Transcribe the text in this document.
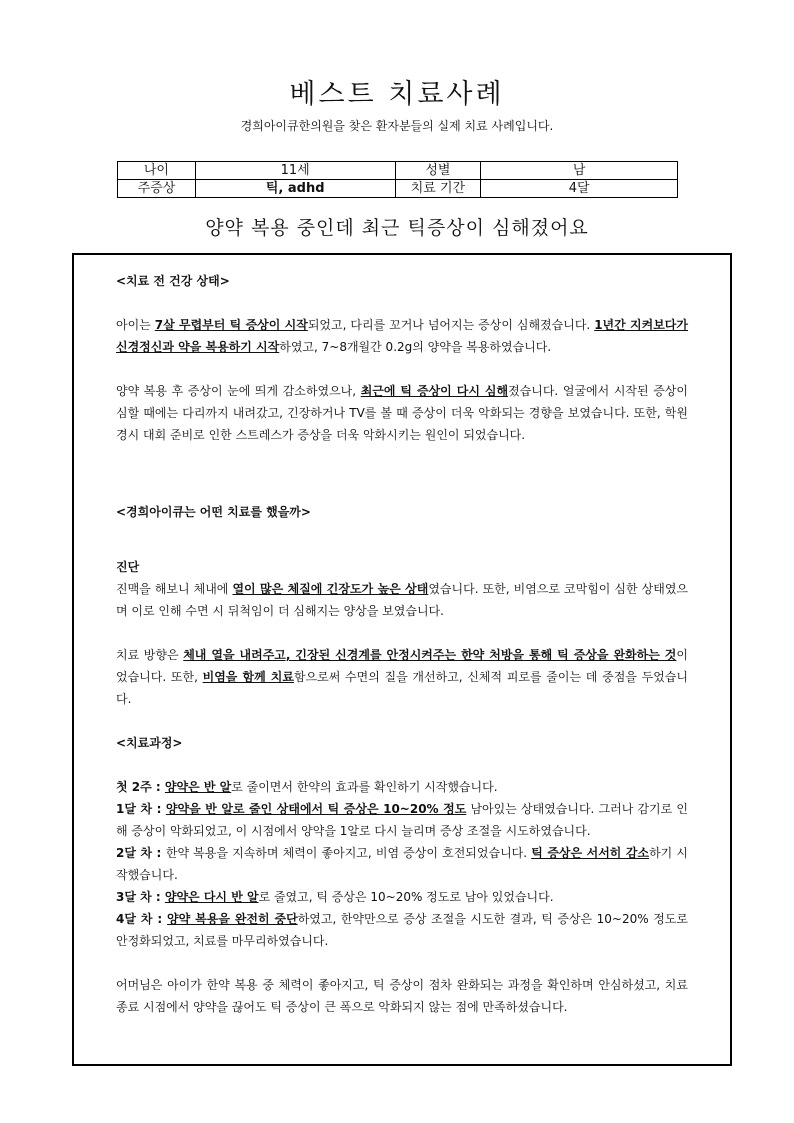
베스트 치료사례

경희아이큐한의원을 찾은 환자분들의 실제 치료 사례입니다.

나이	11세	성별	남
주증상	틱, adhd	치료 기간	4달
양약 복용 중인데 최근 틱증상이 심해졌어요

<치료 전 건강 상태>

아이는 7살 무렵부터 틱 증상이 시작되었고, 다리를 꼬거나 넘어지는 증상이 심해졌습니다. 1년간 지켜보다가 신경정신과 약을 복용하기 시작하였고, 7~8개월간 0.2g의 양약을 복용하였습니다.

양약 복용 후 증상이 눈에 띄게 감소하였으나, 최근에 틱 증상이 다시 심해졌습니다. 얼굴에서 시작된 증상이 심할 때에는 다리까지 내려갔고, 긴장하거나 TV를 볼 때 증상이 더욱 악화되는 경향을 보였습니다. 또한, 학원 경시 대회 준비로 인한 스트레스가 증상을 더욱 악화시키는 원인이 되었습니다.

<경희아이큐는 어떤 치료를 했을까>

진단

진맥을 해보니 체내에 열이 많은 체질에 긴장도가 높은 상태였습니다. 또한, 비염으로 코막힘이 심한 상태였으며 이로 인해 수면 시 뒤척임이 더 심해지는 양상을 보였습니다.

치료 방향은 체내 열을 내려주고, 긴장된 신경계를 안정시켜주는 한약 처방을 통해 틱 증상을 완화하는 것이었습니다. 또한, 비염을 함께 치료함으로써 수면의 질을 개선하고, 신체적 피로를 줄이는 데 중점을 두었습니다.

<치료과정>

첫 2주 : 양약은 반 알로 줄이면서 한약의 효과를 확인하기 시작했습니다.

1달 차 : 양약을 반 알로 줄인 상태에서 틱 증상은 10~20% 정도 남아있는 상태였습니다. 그러나 감기로 인해 증상이 악화되었고, 이 시점에서 양약을 1알로 다시 늘리며 증상 조절을 시도하였습니다.

2달 차 : 한약 복용을 지속하며 체력이 좋아지고, 비염 증상이 호전되었습니다. 틱 증상은 서서히 감소하기 시작했습니다.

3달 차 : 양약은 다시 반 알로 줄였고, 틱 증상은 10~20% 정도로 남아 있었습니다.

4달 차 : 양약 복용을 완전히 중단하였고, 한약만으로 증상 조절을 시도한 결과, 틱 증상은 10~20% 정도로 안정화되었고, 치료를 마무리하였습니다.

어머님은 아이가 한약 복용 중 체력이 좋아지고, 틱 증상이 점차 완화되는 과정을 확인하며 안심하셨고, 치료 종료 시점에서 양약을 끊어도 틱 증상이 큰 폭으로 악화되지 않는 점에 만족하셨습니다.
